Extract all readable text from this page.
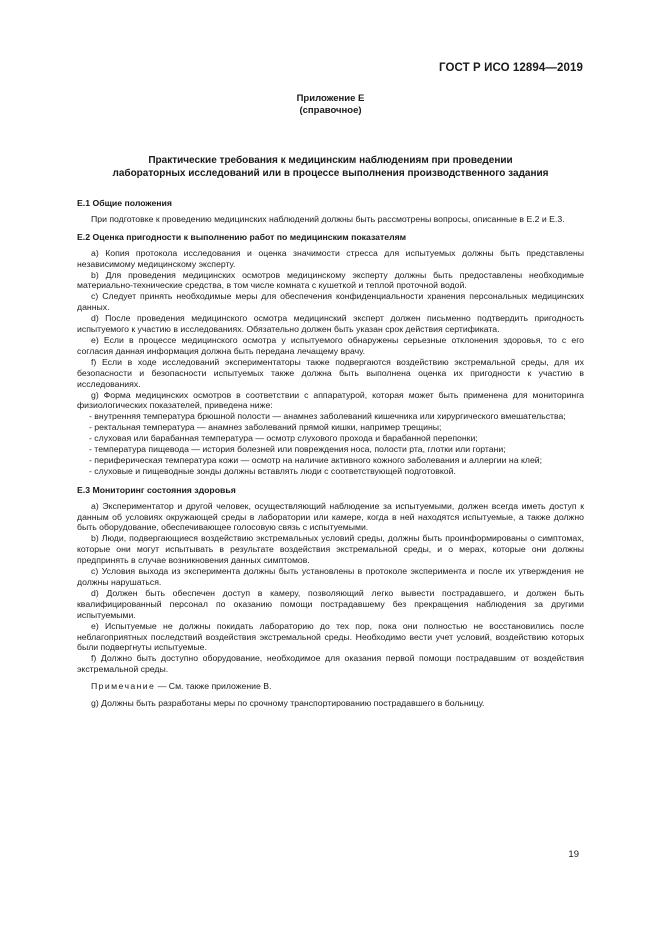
ГОСТ Р ИСО 12894—2019
Приложение Е
(справочное)
Практические требования к медицинским наблюдениям при проведении
лабораторных исследований или в процессе выполнения производственного задания
Е.1 Общие положения

При подготовке к проведению медицинских наблюдений должны быть рассмотрены вопросы, описанные в Е.2 и Е.3.

Е.2 Оценка пригодности к выполнению работ по медицинским показателям

а) Копия протокола исследования и оценка значимости стресса для испытуемых должны быть представлены независимому медицинскому эксперту.

b) Для проведения медицинских осмотров медицинскому эксперту должны быть предоставлены необходимые материально-технические средства, в том числе комната с кушеткой и теплой проточной водой.

c) Следует принять необходимые меры для обеспечения конфиденциальности хранения персональных медицинских данных.

d) После проведения медицинского осмотра медицинский эксперт должен письменно подтвердить пригодность испытуемого к участию в исследованиях. Обязательно должен быть указан срок действия сертификата.

e) Если в процессе медицинского осмотра у испытуемого обнаружены серьезные отклонения здоровья, то с его согласия данная информация должна быть передана лечащему врачу.

f) Если в ходе исследований экспериментаторы также подвергаются воздействию экстремальной среды, для их безопасности и безопасности испытуемых также должна быть выполнена оценка их пригодности к участию в исследованиях.

g) Форма медицинских осмотров в соответствии с аппаратурой, которая может быть применена для мониторинга физиологических показателей, приведена ниже:

- внутренняя температура брюшной полости — анамнез заболеваний кишечника или хирургического вмешательства;

- ректальная температура — анамнез заболеваний прямой кишки, например трещины;

- слуховая или барабанная температура — осмотр слухового прохода и барабанной перепонки;

- температура пищевода — история болезней или повреждения носа, полости рта, глотки или гортани;

- периферическая температура кожи — осмотр на наличие активного кожного заболевания и аллергии на клей;

- слуховые и пищеводные зонды должны вставлять люди с соответствующей подготовкой.

Е.3 Мониторинг состояния здоровья

а) Экспериментатор и другой человек, осуществляющий наблюдение за испытуемыми, должен всегда иметь доступ к данным об условиях окружающей среды в лаборатории или камере, когда в ней находятся испытуемые, а также должно быть оборудование, обеспечивающее голосовую связь с испытуемыми.

b) Люди, подвергающиеся воздействию экстремальных условий среды, должны быть проинформированы о симптомах, которые они могут испытывать в результате воздействия экстремальной среды, и о мерах, которые они должны предпринять в случае возникновения данных симптомов.

c) Условия выхода из эксперимента должны быть установлены в протоколе эксперимента и после их утверждения не должны нарушаться.

d) Должен быть обеспечен доступ в камеру, позволяющий легко вывести пострадавшего, и должен быть квалифицированный персонал по оказанию помощи пострадавшему без прекращения наблюдения за другими испытуемыми.

e) Испытуемые не должны покидать лабораторию до тех пор, пока они полностью не восстановились после неблагоприятных последствий воздействия экстремальной среды. Необходимо вести учет условий, воздействию которых были подвергнуты испытуемые.

f) Должно быть доступно оборудование, необходимое для оказания первой помощи пострадавшим от воздействия экстремальной среды.

Примечание — См. также приложение В.

g) Должны быть разработаны меры по срочному транспортированию пострадавшего в больницу.

19
